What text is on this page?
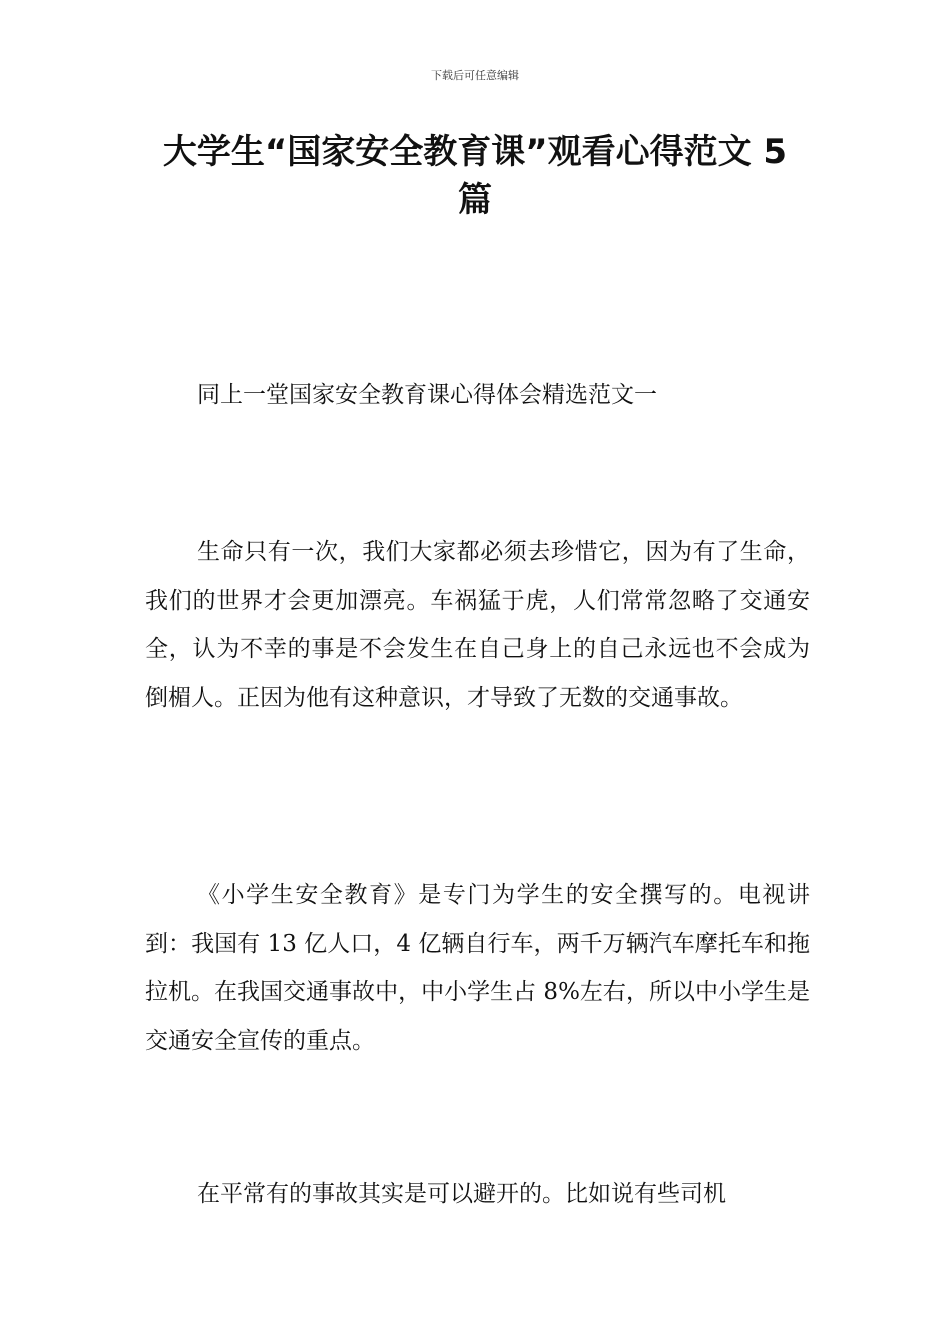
下载后可任意编辑
大学生“国家安全教育课”观看心得范文 5 篇

同上一堂国家安全教育课心得体会精选范文一

生命只有一次，我们大家都必须去珍惜它，因为有了生命，我们的世界才会更加漂亮。车祸猛于虎，人们常常忽略了交通安全，认为不幸的事是不会发生在自己身上的自己永远也不会成为倒楣人。正因为他有这种意识，才导致了无数的交通事故。

《小学生安全教育》是专门为学生的安全撰写的。电视讲到：我国有 13 亿人口，4 亿辆自行车，两千万辆汽车摩托车和拖拉机。在我国交通事故中，中小学生占 8%左右，所以中小学生是交通安全宣传的重点。

在平常有的事故其实是可以避开的。比如说有些司机
